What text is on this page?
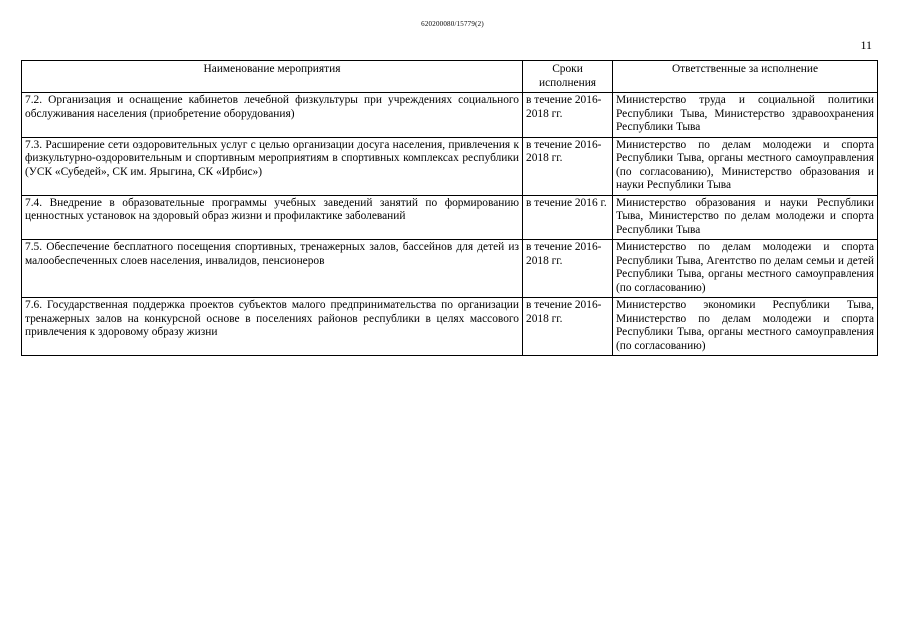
620200080/15779(2)
11
Наименование мероприятия	Сроки исполнения	Ответственные за исполнение
7.2. Организация и оснащение кабинетов лечебной физкультуры при учреждениях социального обслуживания населения (приобретение оборудования)	в течение 2016-2018 гг.	Министерство труда и социальной политики Республики Тыва, Министерство здравоохранения Республики Тыва
7.3. Расширение сети оздоровительных услуг с целью организации досуга населения, привлечения к физкультурно-оздоровительным и спортивным мероприятиям в спортивных комплексах республики (УСК «Субедей», СК им. Ярыгина, СК «Ирбис»)	в течение 2016-2018 гг.	Министерство по делам молодежи и спорта Республики Тыва, органы местного самоуправления (по согласованию), Министерство образования и науки Республики Тыва
7.4. Внедрение в образовательные программы учебных заведений занятий по формированию ценностных установок на здоровый образ жизни и профилактике заболеваний	в течение 2016 г.	Министерство образования и науки Республики Тыва, Министерство по делам молодежи и спорта Республики Тыва
7.5. Обеспечение бесплатного посещения спортивных, тренажерных залов, бассейнов для детей из малообеспеченных слоев населения, инвалидов, пенсионеров	в течение 2016-2018 гг.	Министерство по делам молодежи и спорта Республики Тыва, Агентство по делам семьи и детей Республики Тыва, органы местного самоуправления (по согласованию)
7.6. Государственная поддержка проектов субъектов малого предпринимательства по организации тренажерных залов на конкурсной основе в поселениях районов республики в целях массового привлечения к здоровому образу жизни	в течение 2016-2018 гг.	Министерство экономики Республики Тыва, Министерство по делам молодежи и спорта Республики Тыва, органы местного самоуправления (по согласованию)
